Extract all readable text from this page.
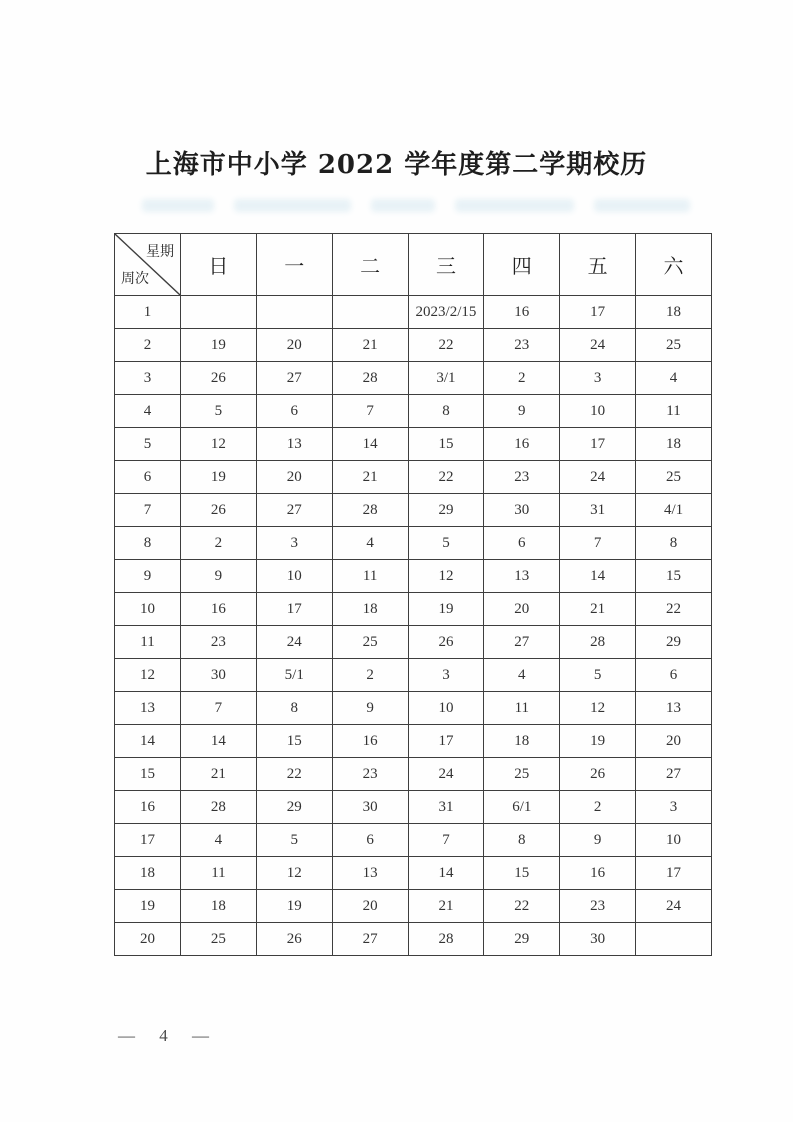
上海市中小学 2022 学年度第二学期校历
星期
周次	日	一	二	三	四	五	六
1				2023/2/15	16	17	18
2	19	20	21	22	23	24	25
3	26	27	28	3/1	2	3	4
4	5	6	7	8	9	10	11
5	12	13	14	15	16	17	18
6	19	20	21	22	23	24	25
7	26	27	28	29	30	31	4/1
8	2	3	4	5	6	7	8
9	9	10	11	12	13	14	15
10	16	17	18	19	20	21	22
11	23	24	25	26	27	28	29
12	30	5/1	2	3	4	5	6
13	7	8	9	10	11	12	13
14	14	15	16	17	18	19	20
15	21	22	23	24	25	26	27
16	28	29	30	31	6/1	2	3
17	4	5	6	7	8	9	10
18	11	12	13	14	15	16	17
19	18	19	20	21	22	23	24
20	25	26	27	28	29	30	
— 4 —
